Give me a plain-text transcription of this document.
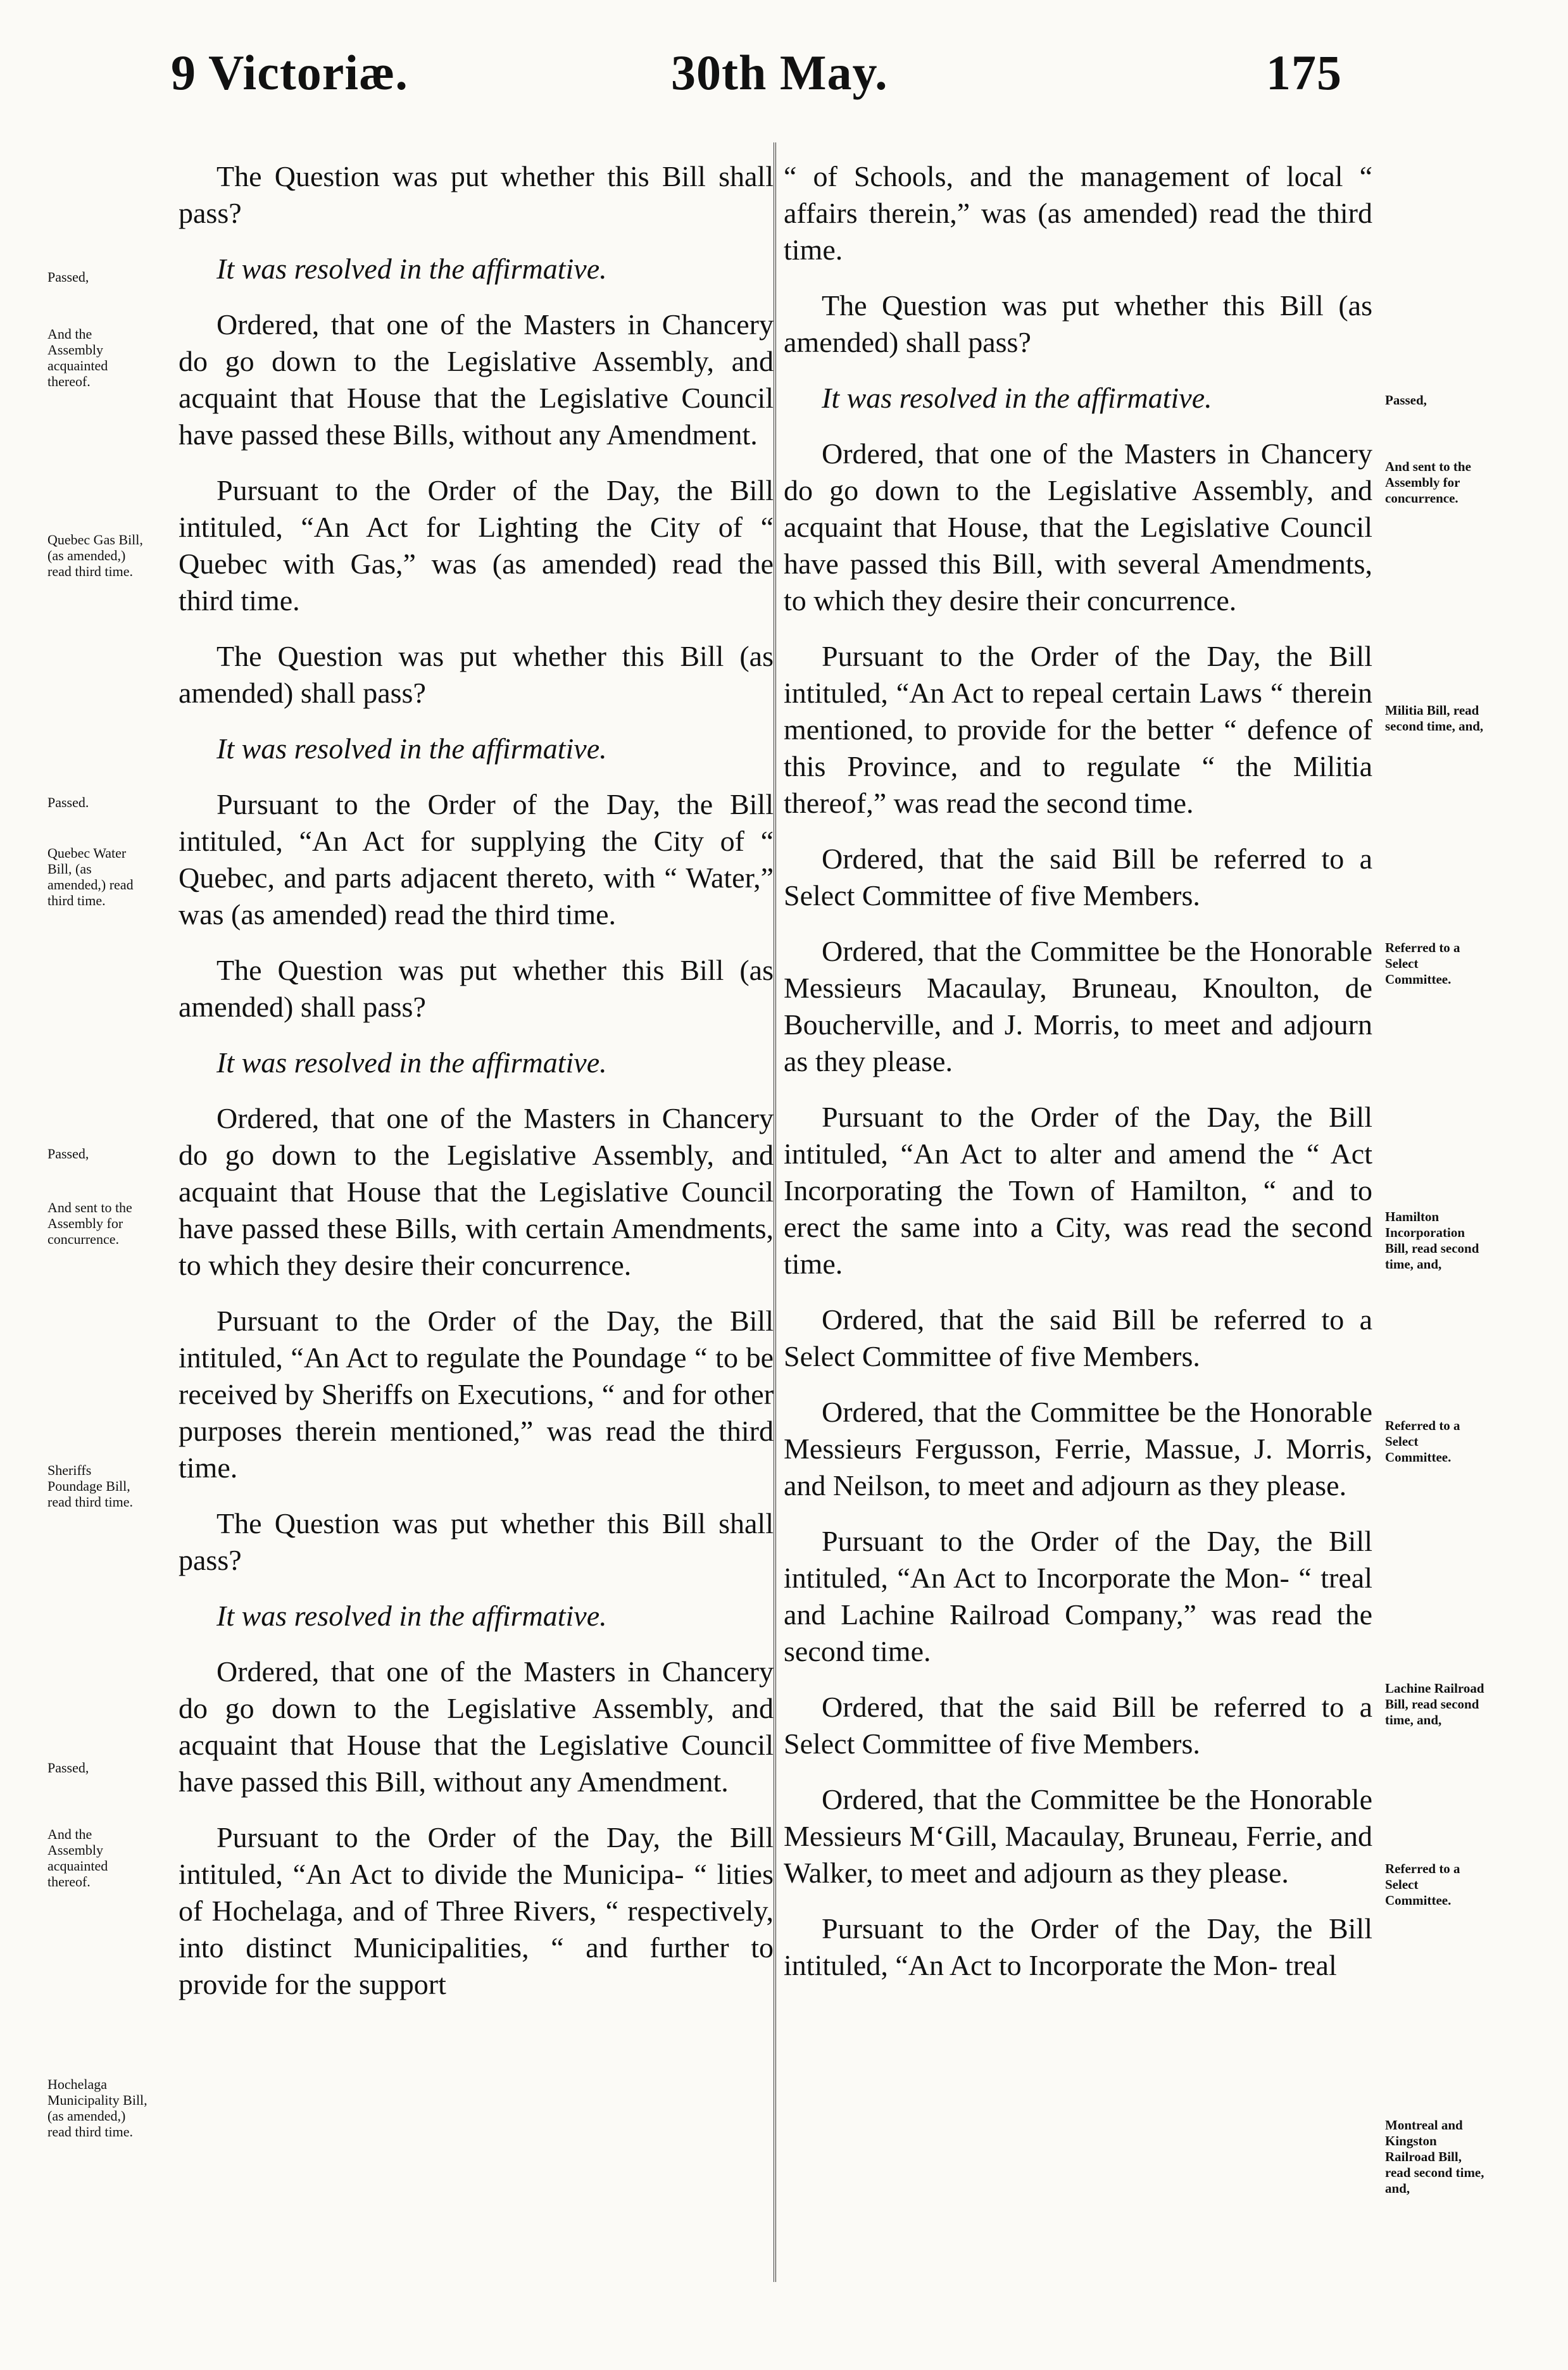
9 Victoriæ.	30th May.	175

The Question was put whether this Bill shall pass?

It was resolved in the affirmative.

Ordered, that one of the Masters in Chancery do go down to the Legislative Assembly, and acquaint that House that the Legislative Council have passed these Bills, without any Amendment.

Pursuant to the Order of the Day, the Bill intituled, “An Act for Lighting the City of “ Quebec with Gas,” was (as amended) read the third time.

The Question was put whether this Bill (as amended) shall pass?

It was resolved in the affirmative.

Pursuant to the Order of the Day, the Bill intituled, “An Act for supplying the City of “ Quebec, and parts adjacent thereto, with “ Water,” was (as amended) read the third time.

The Question was put whether this Bill (as amended) shall pass?

It was resolved in the affirmative.

Ordered, that one of the Masters in Chancery do go down to the Legislative Assembly, and acquaint that House that the Legislative Council have passed these Bills, with certain Amendments, to which they desire their concurrence.

Pursuant to the Order of the Day, the Bill intituled, “An Act to regulate the Poundage “ to be received by Sheriffs on Executions, “ and for other purposes therein mentioned,” was read the third time.

The Question was put whether this Bill shall pass?

It was resolved in the affirmative.

Ordered, that one of the Masters in Chancery do go down to the Legislative Assembly, and acquaint that House that the Legislative Council have passed this Bill, without any Amendment.

Pursuant to the Order of the Day, the Bill intituled, “An Act to divide the Municipa- “ lities of Hochelaga, and of Three Rivers, “ respectively, into distinct Municipalities, “ and further to provide for the support

“ of Schools, and the management of local “ affairs therein,” was (as amended) read the third time.

The Question was put whether this Bill (as amended) shall pass?

It was resolved in the affirmative.

Ordered, that one of the Masters in Chancery do go down to the Legislative Assembly, and acquaint that House, that the Legislative Council have passed this Bill, with several Amendments, to which they desire their concurrence.

Pursuant to the Order of the Day, the Bill intituled, “An Act to repeal certain Laws “ therein mentioned, to provide for the better “ defence of this Province, and to regulate “ the Militia thereof,” was read the second time.

Ordered, that the said Bill be referred to a Select Committee of five Members.

Ordered, that the Committee be the Honorable Messieurs Macaulay, Bruneau, Knoulton, de Boucherville, and J. Morris, to meet and adjourn as they please.

Pursuant to the Order of the Day, the Bill intituled, “An Act to alter and amend the “ Act Incorporating the Town of Hamilton, “ and to erect the same into a City, was read the second time.

Ordered, that the said Bill be referred to a Select Committee of five Members.

Ordered, that the Committee be the Honorable Messieurs Fergusson, Ferrie, Massue, J. Morris, and Neilson, to meet and adjourn as they please.

Pursuant to the Order of the Day, the Bill intituled, “An Act to Incorporate the Mon- “ treal and Lachine Railroad Company,” was read the second time.

Ordered, that the said Bill be referred to a Select Committee of five Members.

Ordered, that the Committee be the Honorable Messieurs M‘Gill, Macaulay, Bruneau, Ferrie, and Walker, to meet and adjourn as they please.

Pursuant to the Order of the Day, the Bill intituled, “An Act to Incorporate the Mon- treal

Passed,
And the Assembly acquainted thereof.
Quebec Gas Bill, (as amended,) read third time.
Passed.
Quebec Water Bill, (as amended,) read third time.
Passed,
And sent to the Assembly for concurrence.
Sheriffs Poundage Bill, read third time.
Passed,
And the Assembly acquainted thereof.
Hochelaga Municipality Bill, (as amended,) read third time.
Passed,
And sent to the Assembly for concurrence.
Militia Bill, read second time, and,
Referred to a Select Committee.
Hamilton Incorporation Bill, read second time, and,
Referred to a Select Committee.
Lachine Railroad Bill, read second time, and,
Referred to a Select Committee.
Montreal and Kingston Railroad Bill, read second time, and,
